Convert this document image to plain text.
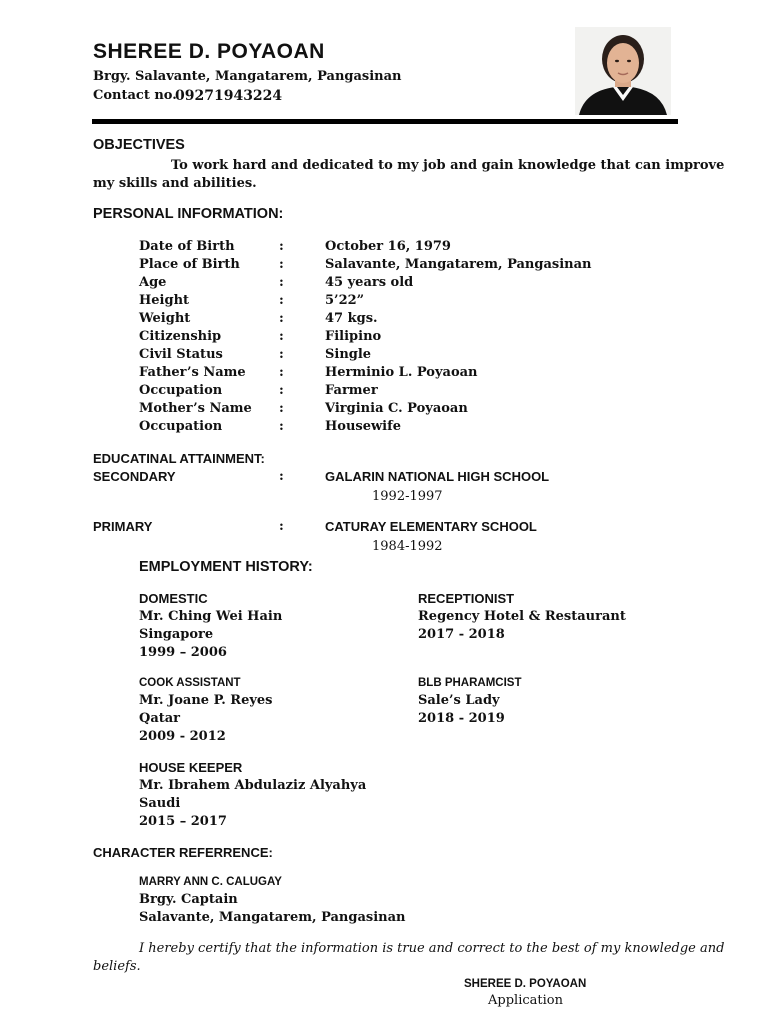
SHEREE D. POYAOAN
Brgy. Salavante, Mangatarem, Pangasinan
Contact no.
09271943224
OBJECTIVES
To work hard and dedicated to my job and gain knowledge that can improve
my skills and abilities.
PERSONAL INFORMATION:
Date of Birth	:	October 16, 1979
Place of Birth	:	Salavante, Mangatarem, Pangasinan
Age	:	45 years old
Height	:	5’22”
Weight	:	47 kgs.
Citizenship	:	Filipino
Civil Status	:	Single
Father’s Name	:	Herminio L. Poyaoan
Occupation	:	Farmer
Mother’s Name :	Virginia C. Poyaoan
Occupation	:	Housewife
EDUCATINAL ATTAINMENT:
SECONDARY	:	GALARIN NATIONAL HIGH SCHOOL
1992-1997
PRIMARY	:	CATURAY ELEMENTARY SCHOOL
1984-1992
EMPLOYMENT HISTORY:
DOMESTIC
Mr. Ching Wei Hain
Singapore
1999 – 2006
RECEPTIONIST
Regency Hotel & Restaurant
2017 - 2018
COOK ASSISTANT
Mr. Joane P. Reyes
Qatar
2009 - 2012
BLB PHARAMCIST
Sale’s Lady
2018 - 2019
HOUSE KEEPER
Mr. Ibrahem Abdulaziz Alyahya
Saudi
2015 – 2017
CHARACTER REFERRENCE:
MARRY ANN C. CALUGAY
Brgy. Captain
Salavante, Mangatarem, Pangasinan
I hereby certify that the information is true and correct to the best of my knowledge and
beliefs.
SHEREE D. POYAOAN
Application
